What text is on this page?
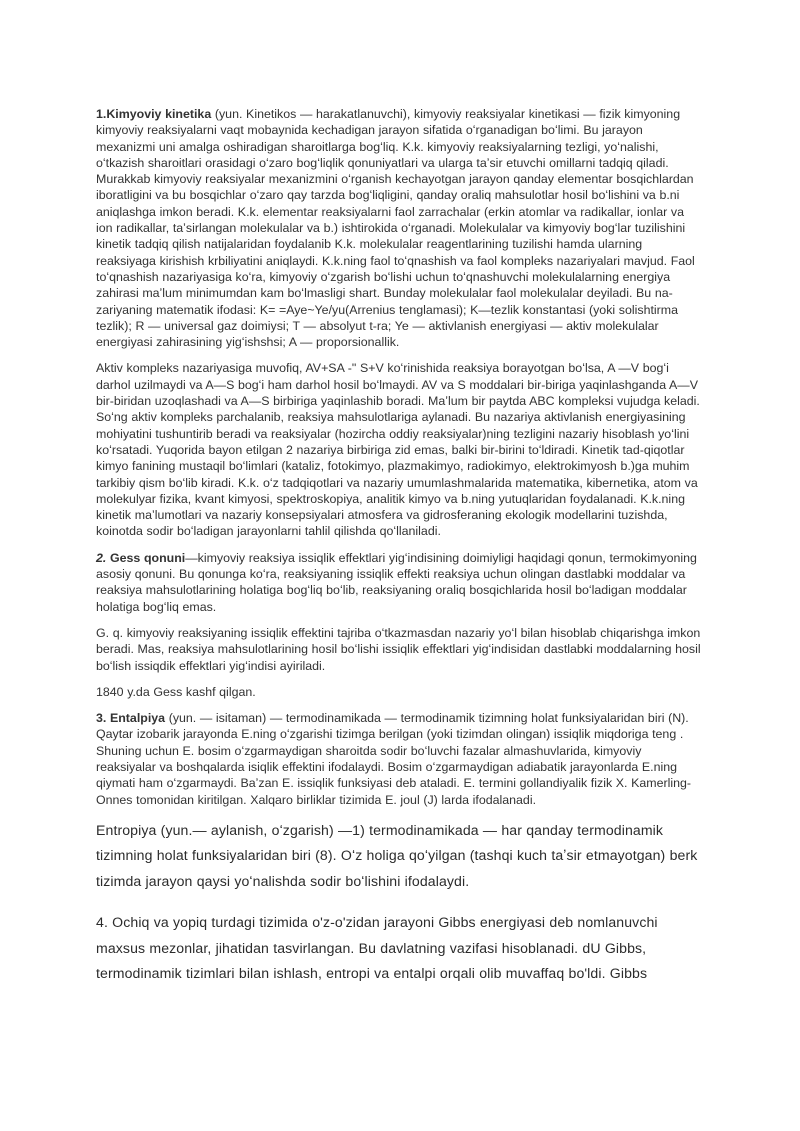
1.Kimyoviy kinetika (yun. Kinetikos — harakatlanuvchi), kimyoviy reaksiyalar kinetikasi — fizik kimyoning kimyoviy reaksiyalarni vaqt mobaynida kechadigan jarayon sifatida oʻrganadigan boʻlimi. Bu jarayon mexanizmi uni amalga oshiradigan sharoitlarga bogʻliq. K.k. kimyoviy reaksiyalarning tezligi, yoʻnalishi, oʻtkazish sharoitlari orasidagi oʻzaro bogʻliqlik qonuniyatlari va ularga taʼsir etuvchi omillarni tadqiq qiladi. Murakkab kimyoviy reaksiyalar mexanizmini oʻrganish kechayotgan jarayon qanday elementar bosqichlardan iboratligini va bu bosqichlar oʻzaro qay tarzda bogʻliqligini, qanday oraliq mahsulotlar hosil boʻlishini va b.ni aniqlashga imkon beradi. K.k. elementar reaksiyalarni faol zarrachalar (erkin atomlar va radikallar, ionlar va ion radikallar, taʼsirlangan molekulalar va b.) ishtirokida oʻrganadi. Molekulalar va kimyoviy bogʻlar tuzilishini kinetik tadqiq qilish natijalaridan foydalanib K.k. molekulalar reagentlarining tuzilishi hamda ularning reaksiyaga kirishish krbiliyatini aniqlaydi. K.k.ning faol toʻqnashish va faol kompleks nazariyalari mavjud. Faol toʻqnashish nazariyasiga koʻra, kimyoviy oʻzgarish boʻlishi uchun toʻqnashuvchi molekulalarning energiya zahirasi maʼlum minimumdan kam boʻlmasligi shart. Bunday molekulalar faol molekulalar deyiladi. Bu na-zariyaning matematik ifodasi: K= =Aye~Ye/yu(Arrenius tenglamasi); K—tezlik konstantasi (yoki solishtirma tezlik); R — universal gaz doimiysi; T — absolyut t-ra; Ye — aktivlanish energiyasi — aktiv molekulalar energiyasi zahirasining yigʻishshsi; A — proporsionallik.

Aktiv kompleks nazariyasiga muvofiq, AV+SA -" S+V koʻrinishida reaksiya borayotgan boʻlsa, A —V bogʻi darhol uzilmaydi va A—S bogʻi ham darhol hosil boʻlmaydi. AV va S moddalari bir-biriga yaqinlashganda A—V bir-biridan uzoqlashadi va A—S birbiriga yaqinlashib boradi. Maʼlum bir paytda ABC kompleksi vujudga keladi. Soʻng aktiv kompleks parchalanib, reaksiya mahsulotlariga aylanadi. Bu nazariya aktivlanish energiyasining mohiyatini tushuntirib beradi va reaksiyalar (hozircha oddiy reaksiyalar)ning tezligini nazariy hisoblash yoʻlini koʻrsatadi. Yuqorida bayon etilgan 2 nazariya birbiriga zid emas, balki bir-birini toʻldiradi. Kinetik tad-qiqotlar kimyo fanining mustaqil boʻlimlari (kataliz, fotokimyo, plazmakimyo, radiokimyo, elektrokimyosh b.)ga muhim tarkibiy qism boʻlib kiradi. K.k. oʻz tadqiqotlari va nazariy umumlashmalarida matematika, kibernetika, atom va molekulyar fizika, kvant kimyosi, spektroskopiya, analitik kimyo va b.ning yutuqlaridan foydalanadi. K.k.ning kinetik maʼlumotlari va nazariy konsepsiyalari atmosfera va gidrosferaning ekologik modellarini tuzishda, koinotda sodir boʻladigan jarayonlarni tahlil qilishda qoʻllaniladi.

2. Gess qonuni—kimyoviy reaksiya issiqlik effektlari yigʻindisining doimiyligi haqidagi qonun, termokimyoning asosiy qonuni. Bu qonunga koʻra, reaksiyaning issiqlik effekti reaksiya uchun olingan dastlabki moddalar va reaksiya mahsulotlarining holatiga bogʻliq boʻlib, reaksiyaning oraliq bosqichlarida hosil boʻladigan moddalar holatiga bogʻliq emas.

G. q. kimyoviy reaksiyaning issiqlik effektini tajriba oʻtkazmasdan nazariy yoʻl bilan hisoblab chiqarishga imkon beradi. Mas, reaksiya mahsulotlarining hosil boʻlishi issiqlik effektlari yigʻindisidan dastlabki moddalarning hosil boʻlish issiqdik effektlari yigʻindisi ayiriladi.

1840 y.da Gess kashf qilgan.

3. Entalpiya (yun. — isitaman) — termodinamikada — termodinamik tizimning holat funksiyalaridan biri (N). Qaytar izobarik jarayonda E.ning oʻzgarishi tizimga berilgan (yoki tizimdan olingan) issiqlik miqdoriga teng . Shuning uchun E. bosim oʻzgarmaydigan sharoitda sodir boʻluvchi fazalar almashuvlarida, kimyoviy reaksiyalar va boshqalarda isiqlik effektini ifodalaydi. Bosim oʻzgarmaydigan adiabatik jarayonlarda E.ning qiymati ham oʻzgarmaydi. Baʼzan E. issiqlik funksiyasi deb ataladi. E. termini gollandiyalik fizik X. Kamerling-Onnes tomonidan kiritilgan. Xalqaro birliklar tizimida E. joul (J) larda ifodalanadi.

Entropiya (yun.— aylanish, oʻzgarish) —1) termodinamikada — har qanday termodinamik tizimning holat funksiyalaridan biri (8). Oʻz holiga qoʻyilgan (tashqi kuch taʼsir etmayotgan) berk tizimda jarayon qaysi yoʻnalishda sodir boʻlishini ifodalaydi.

4. Ochiq va yopiq turdagi tizimida o'z-o'zidan jarayoni Gibbs energiyasi deb nomlanuvchi maxsus mezonlar, jihatidan tasvirlangan. Bu davlatning vazifasi hisoblanadi. dU Gibbs, termodinamik tizimlari bilan ishlash, entropi va entalpi orqali olib muvaffaq bo'ldi. Gibbs
